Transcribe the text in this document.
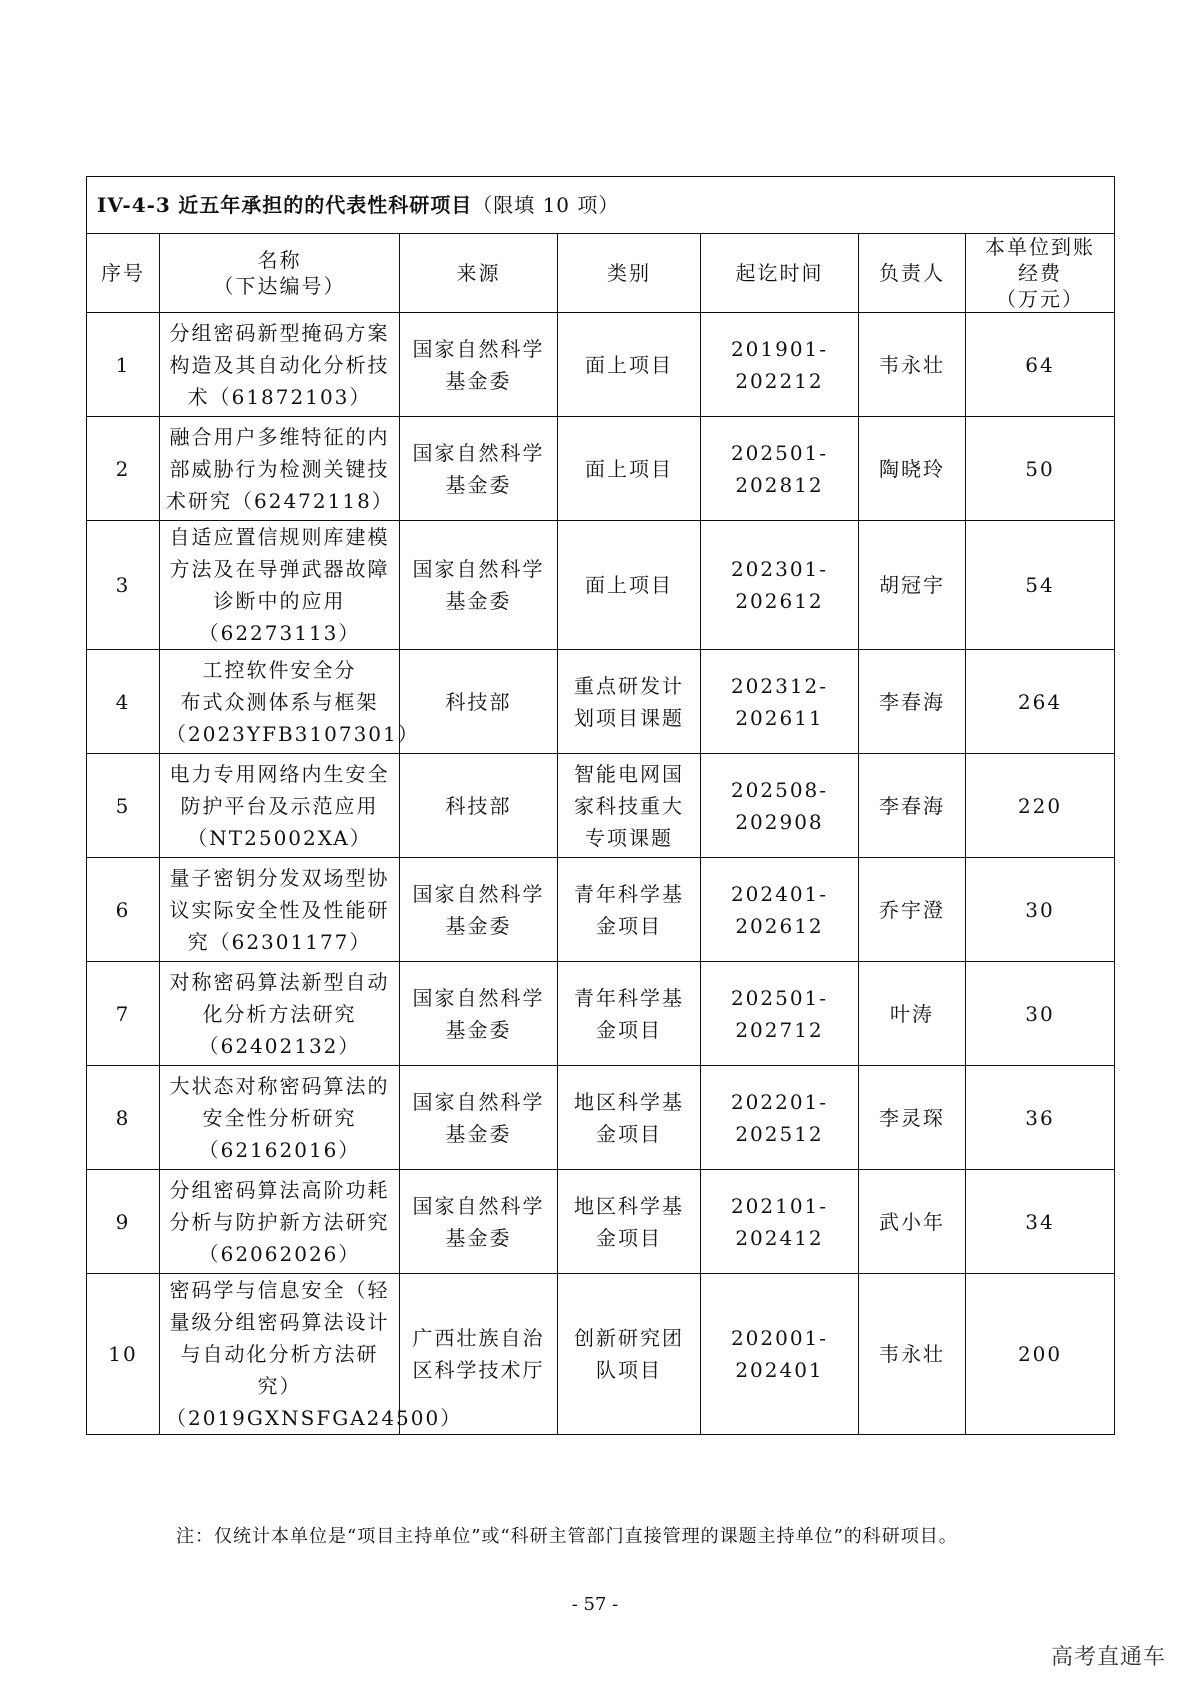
IV-4-3 近五年承担的的代表性科研项目（限填 10 项）						
序号	名称
（下达编号）	来源	类别	起讫时间	负责人	本单位到账
经费
（万元）

1	分组密码新型掩码方案
构造及其自动化分析技
术（61872103）	国家自然科学
基金委	面上项目	201901-202212	韦永壮	64
2	融合用户多维特征的内
部威胁行为检测关键技
术研究（62472118）	国家自然科学
基金委	面上项目	202501-202812	陶晓玲	50
3	自适应置信规则库建模
方法及在导弹武器故障
诊断中的应用
（62273113）	国家自然科学
基金委	面上项目	202301-202612	胡冠宇	54
4	工控软件安全分
布式众测体系与框架
（2023YFB3107301）	科技部	重点研发计
划项目课题	202312-202611	李春海	264
5	电力专用网络内生安全
防护平台及示范应用
（NT25002XA）	科技部	智能电网国
家科技重大
专项课题	202508-202908	李春海	220
6	量子密钥分发双场型协
议实际安全性及性能研
究（62301177）	国家自然科学
基金委	青年科学基
金项目	202401-202612	乔宇澄	30
7	对称密码算法新型自动
化分析方法研究
（62402132）	国家自然科学
基金委	青年科学基
金项目	202501-202712	叶涛	30
8	大状态对称密码算法的
安全性分析研究
（62162016）	国家自然科学
基金委	地区科学基
金项目	202201-202512	李灵琛	36
9	分组密码算法高阶功耗
分析与防护新方法研究
（62062026）	国家自然科学
基金委	地区科学基
金项目	202101-202412	武小年	34
10	密码学与信息安全（轻
量级分组密码算法设计
与自动化分析方法研
究）
（2019GXNSFGA24500）	广西壮族自治
区科学技术厅	创新研究团
队项目	202001-202401	韦永壮	200
注：仅统计本单位是“项目主持单位”或“科研主管部门直接管理的课题主持单位”的科研项目。
- 57 -
高考直通车
